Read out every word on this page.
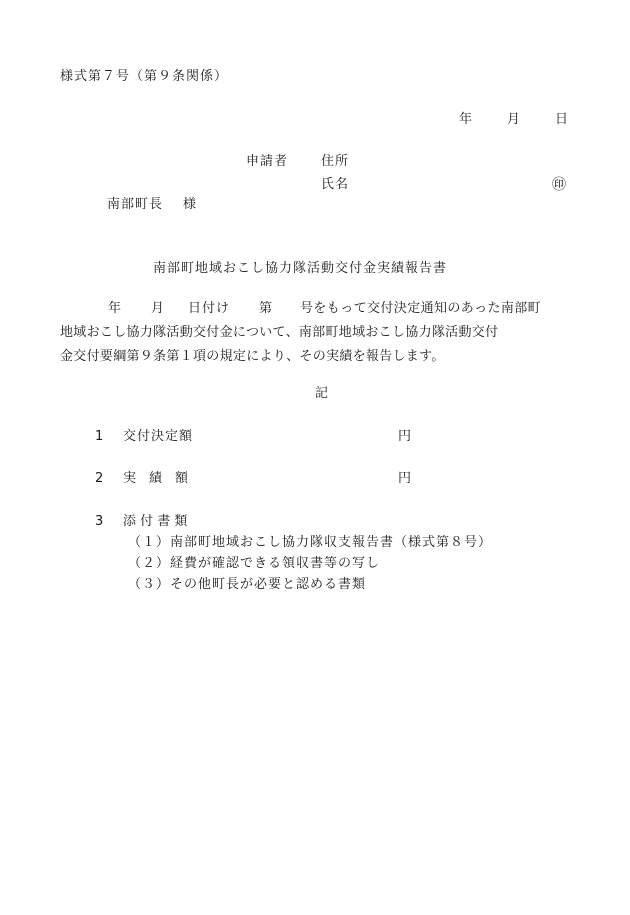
様式第７号（第９条関係）
年	月	日
申請者	住所
氏名	㊞
南部町長 様
南部町地域おこし協力隊活動交付金実績報告書
年 月 日付け 第 号をもって交付決定通知のあった南部町

地域おこし協力隊活動交付金について、南部町地域おこし協力隊活動交付
金交付要綱第９条第１項の規定により、その実績を報告します。
記
1 交付決定額	円
2 実　績　額	円
3 添 付 書 類
（１）南部町地域おこし協力隊収支報告書（様式第８号）
（２）経費が確認できる領収書等の写し
（３）その他町長が必要と認める書類
